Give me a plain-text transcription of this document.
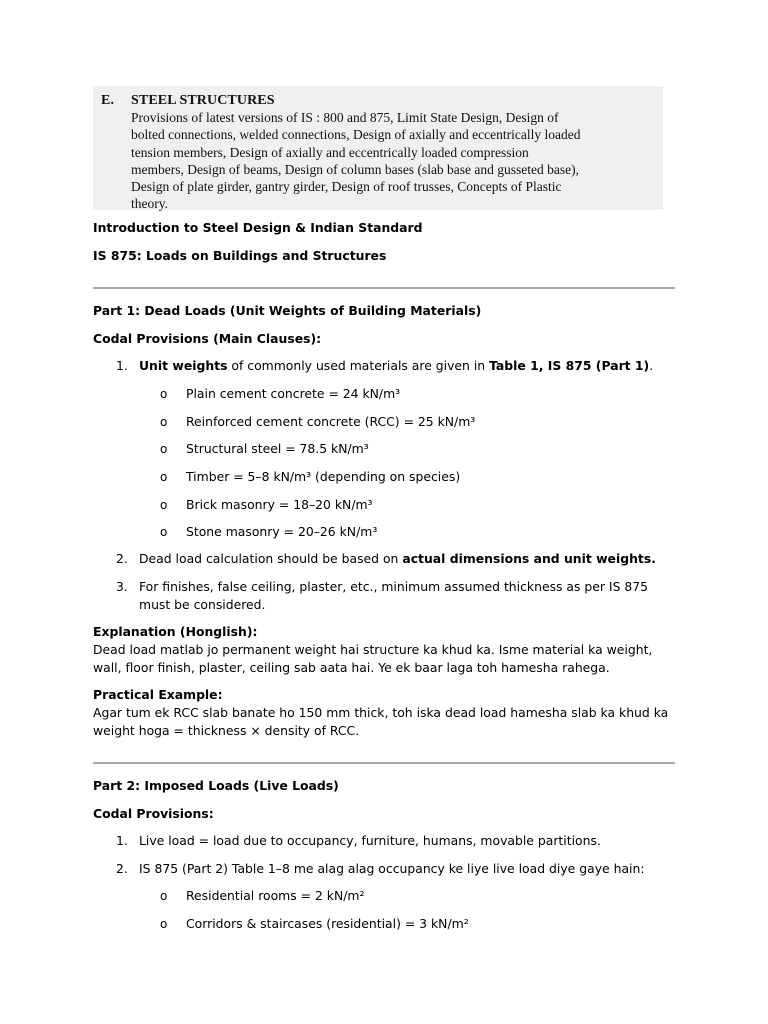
E. STEEL STRUCTURES
Provisions of latest versions of IS : 800 and 875, Limit State Design, Design of
bolted connections, welded connections, Design of axially and eccentrically loaded
tension members, Design of axially and eccentrically loaded compression
members, Design of beams, Design of column bases (slab base and gusseted base),
Design of plate girder, gantry girder, Design of roof trusses, Concepts of Plastic
theory.
Introduction to Steel Design & Indian Standard
IS 875: Loads on Buildings and Structures
Part 1: Dead Loads (Unit Weights of Building Materials)
Codal Provisions (Main Clauses):
1. Unit weights of commonly used materials are given in Table 1, IS 875 (Part 1).
o Plain cement concrete = 24 kN/m³
o Reinforced cement concrete (RCC) = 25 kN/m³
o Structural steel = 78.5 kN/m³
o Timber = 5–8 kN/m³ (depending on species)
o Brick masonry = 18–20 kN/m³
o Stone masonry = 20–26 kN/m³
2. Dead load calculation should be based on actual dimensions and unit weights.
3. For finishes, false ceiling, plaster, etc., minimum assumed thickness as per IS 875
must be considered.
Explanation (Honglish):
Dead load matlab jo permanent weight hai structure ka khud ka. Isme material ka weight,
wall, floor finish, plaster, ceiling sab aata hai. Ye ek baar laga toh hamesha rahega.
Practical Example:
Agar tum ek RCC slab banate ho 150 mm thick, toh iska dead load hamesha slab ka khud ka
weight hoga = thickness × density of RCC.
Part 2: Imposed Loads (Live Loads)
Codal Provisions:
1. Live load = load due to occupancy, furniture, humans, movable partitions.
2. IS 875 (Part 2) Table 1–8 me alag alag occupancy ke liye live load diye gaye hain:
o Residential rooms = 2 kN/m²
o Corridors & staircases (residential) = 3 kN/m²
